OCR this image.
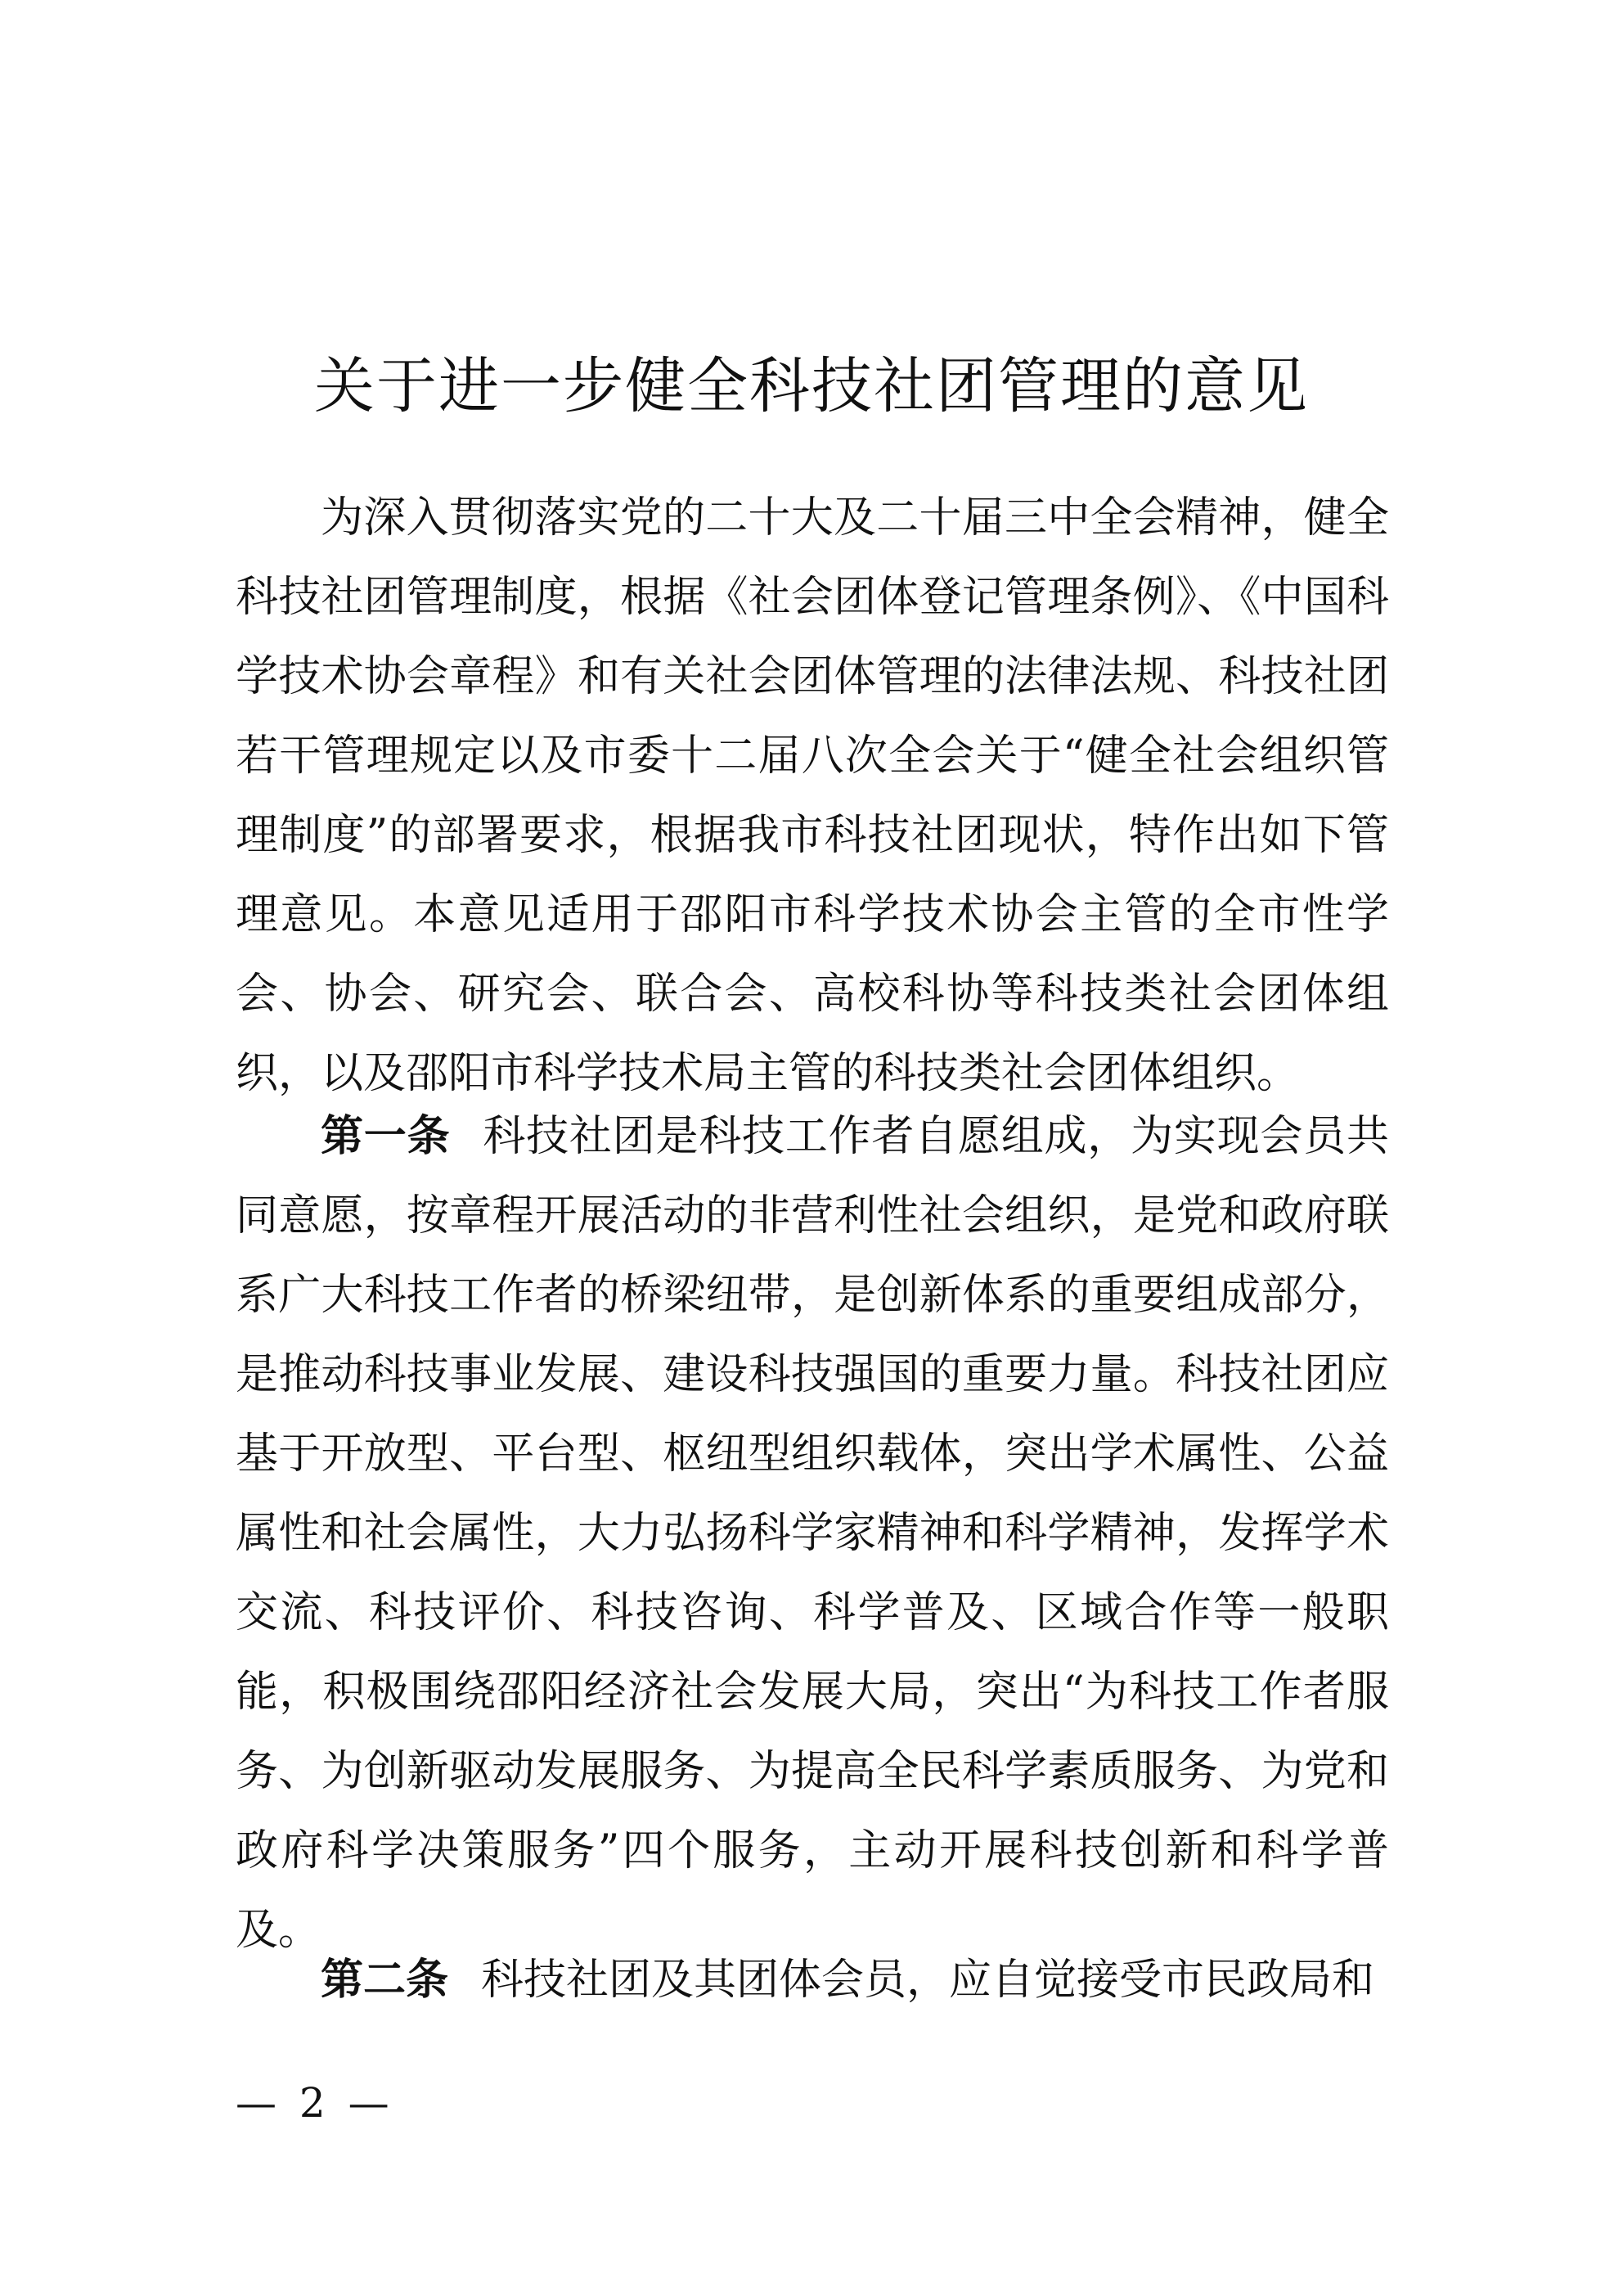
关于进一步健全科技社团管理的意见

为深入贯彻落实党的二十大及二十届三中全会精神，健全科技社团管理制度，根据《社会团体登记管理条例》、《中国科学技术协会章程》和有关社会团体管理的法律法规、科技社团若干管理规定以及市委十二届八次全会关于“健全社会组织管理制度”的部署要求，根据我市科技社团现状，特作出如下管理意见。本意见适用于邵阳市科学技术协会主管的全市性学会、协会、研究会、联合会、高校科协等科技类社会团体组织，以及邵阳市科学技术局主管的科技类社会团体组织。

第一条 科技社团是科技工作者自愿组成，为实现会员共同意愿，按章程开展活动的非营利性社会组织，是党和政府联系广大科技工作者的桥梁纽带，是创新体系的重要组成部分，是推动科技事业发展、建设科技强国的重要力量。科技社团应基于开放型、平台型、枢纽型组织载体，突出学术属性、公益属性和社会属性，大力弘扬科学家精神和科学精神，发挥学术交流、科技评价、科技咨询、科学普及、区域合作等一般职能，积极围绕邵阳经济社会发展大局，突出“为科技工作者服务、为创新驱动发展服务、为提高全民科学素质服务、为党和政府科学决策服务”四个服务，主动开展科技创新和科学普及。

第二条 科技社团及其团体会员，应自觉接受市民政局和

— 2 —
